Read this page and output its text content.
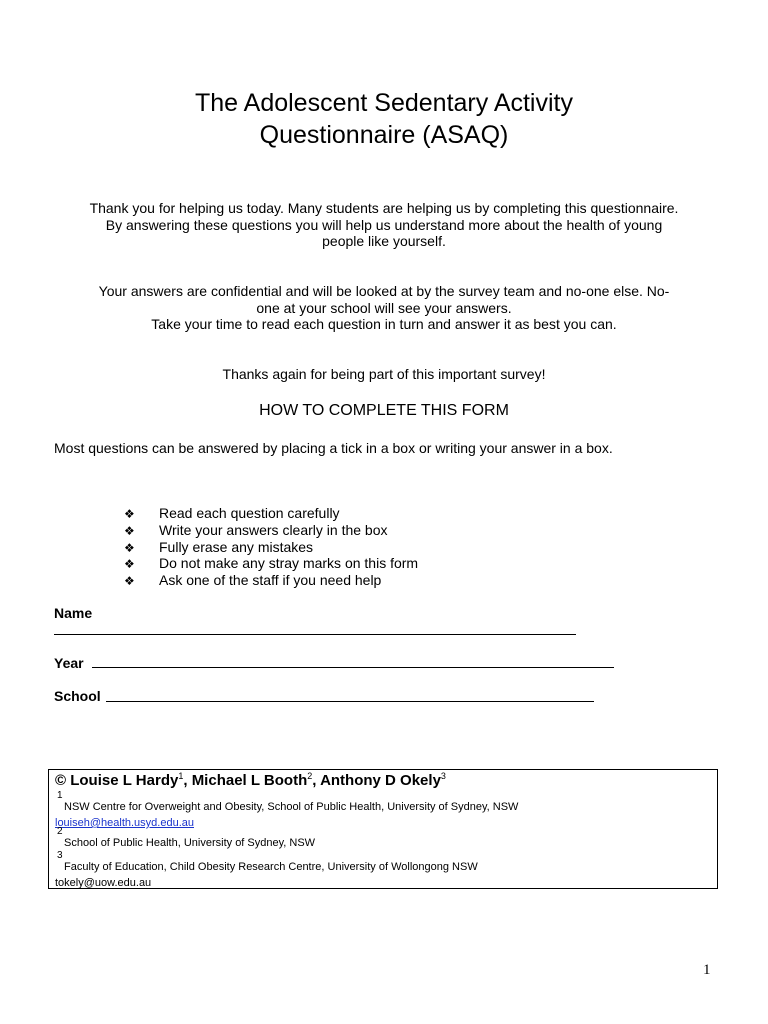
The Adolescent Sedentary Activity
Questionnaire (ASAQ)

Thank you for helping us today. Many students are helping us by completing this questionnaire.
By answering these questions you will help us understand more about the health of young
people like yourself.

Your answers are confidential and will be looked at by the survey team and no-one else. No-
one at your school will see your answers.
Take your time to read each question in turn and answer it as best you can.

Thanks again for being part of this important survey!

HOW TO COMPLETE THIS FORM

Most questions can be answered by placing a tick in a box or writing your answer in a box.

❖ Read each question carefully
❖ Write your answers clearly in the box
❖ Fully erase any mistakes
❖ Do not make any stray marks on this form
❖ Ask one of the staff if you need help

Name

Year

School

© Louise L Hardy$^1$, Michael L Booth$^2$, Anthony D Okely$^3$

1
NSW Centre for Overweight and Obesity, School of Public Health, University of Sydney, NSW
louiseh@health.usyd.edu.au
2
School of Public Health, University of Sydney, NSW
3
Faculty of Education, Child Obesity Research Centre, University of Wollongong NSW
tokely@uow.edu.au
1
